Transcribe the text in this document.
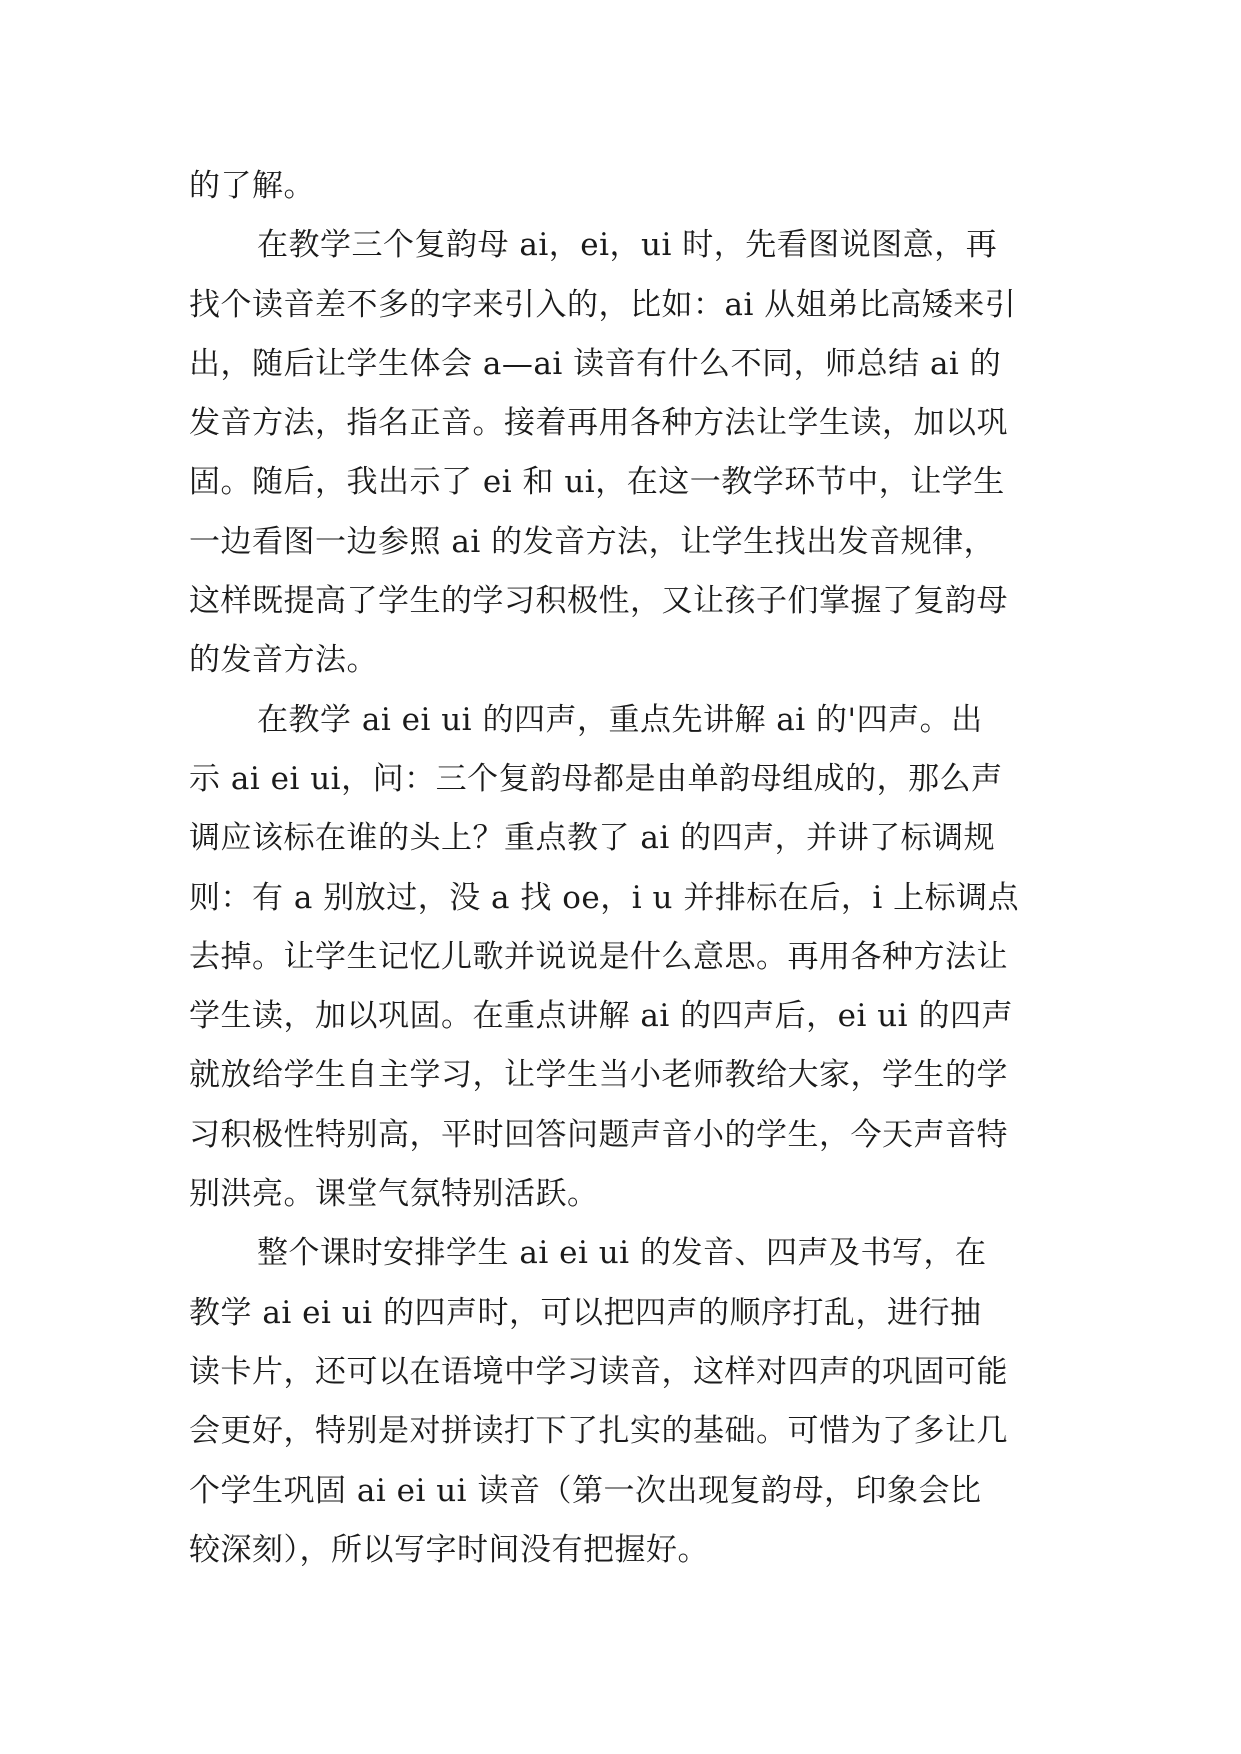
的了解。
在教学三个复韵母 ai，ei，ui 时，先看图说图意，再
找个读音差不多的字来引入的，比如：ai 从姐弟比高矮来引
出，随后让学生体会 a—ai 读音有什么不同，师总结 ai 的
发音方法，指名正音。接着再用各种方法让学生读，加以巩
固。随后，我出示了 ei 和 ui，在这一教学环节中，让学生
一边看图一边参照 ai 的发音方法，让学生找出发音规律，
这样既提高了学生的学习积极性，又让孩子们掌握了复韵母
的发音方法。
在教学 ai ei ui 的四声，重点先讲解 ai 的'四声。出
示 ai ei ui，问：三个复韵母都是由单韵母组成的，那么声
调应该标在谁的头上？重点教了 ai 的四声，并讲了标调规
则：有 a 别放过，没 a 找 oe，i u 并排标在后，i 上标调点
去掉。让学生记忆儿歌并说说是什么意思。再用各种方法让
学生读，加以巩固。在重点讲解 ai 的四声后，ei ui 的四声
就放给学生自主学习，让学生当小老师教给大家，学生的学
习积极性特别高，平时回答问题声音小的学生，今天声音特
别洪亮。课堂气氛特别活跃。
整个课时安排学生 ai ei ui 的发音、四声及书写，在
教学 ai ei ui 的四声时，可以把四声的顺序打乱，进行抽
读卡片，还可以在语境中学习读音，这样对四声的巩固可能
会更好，特别是对拼读打下了扎实的基础。可惜为了多让几
个学生巩固 ai ei ui 读音（第一次出现复韵母，印象会比
较深刻），所以写字时间没有把握好。
